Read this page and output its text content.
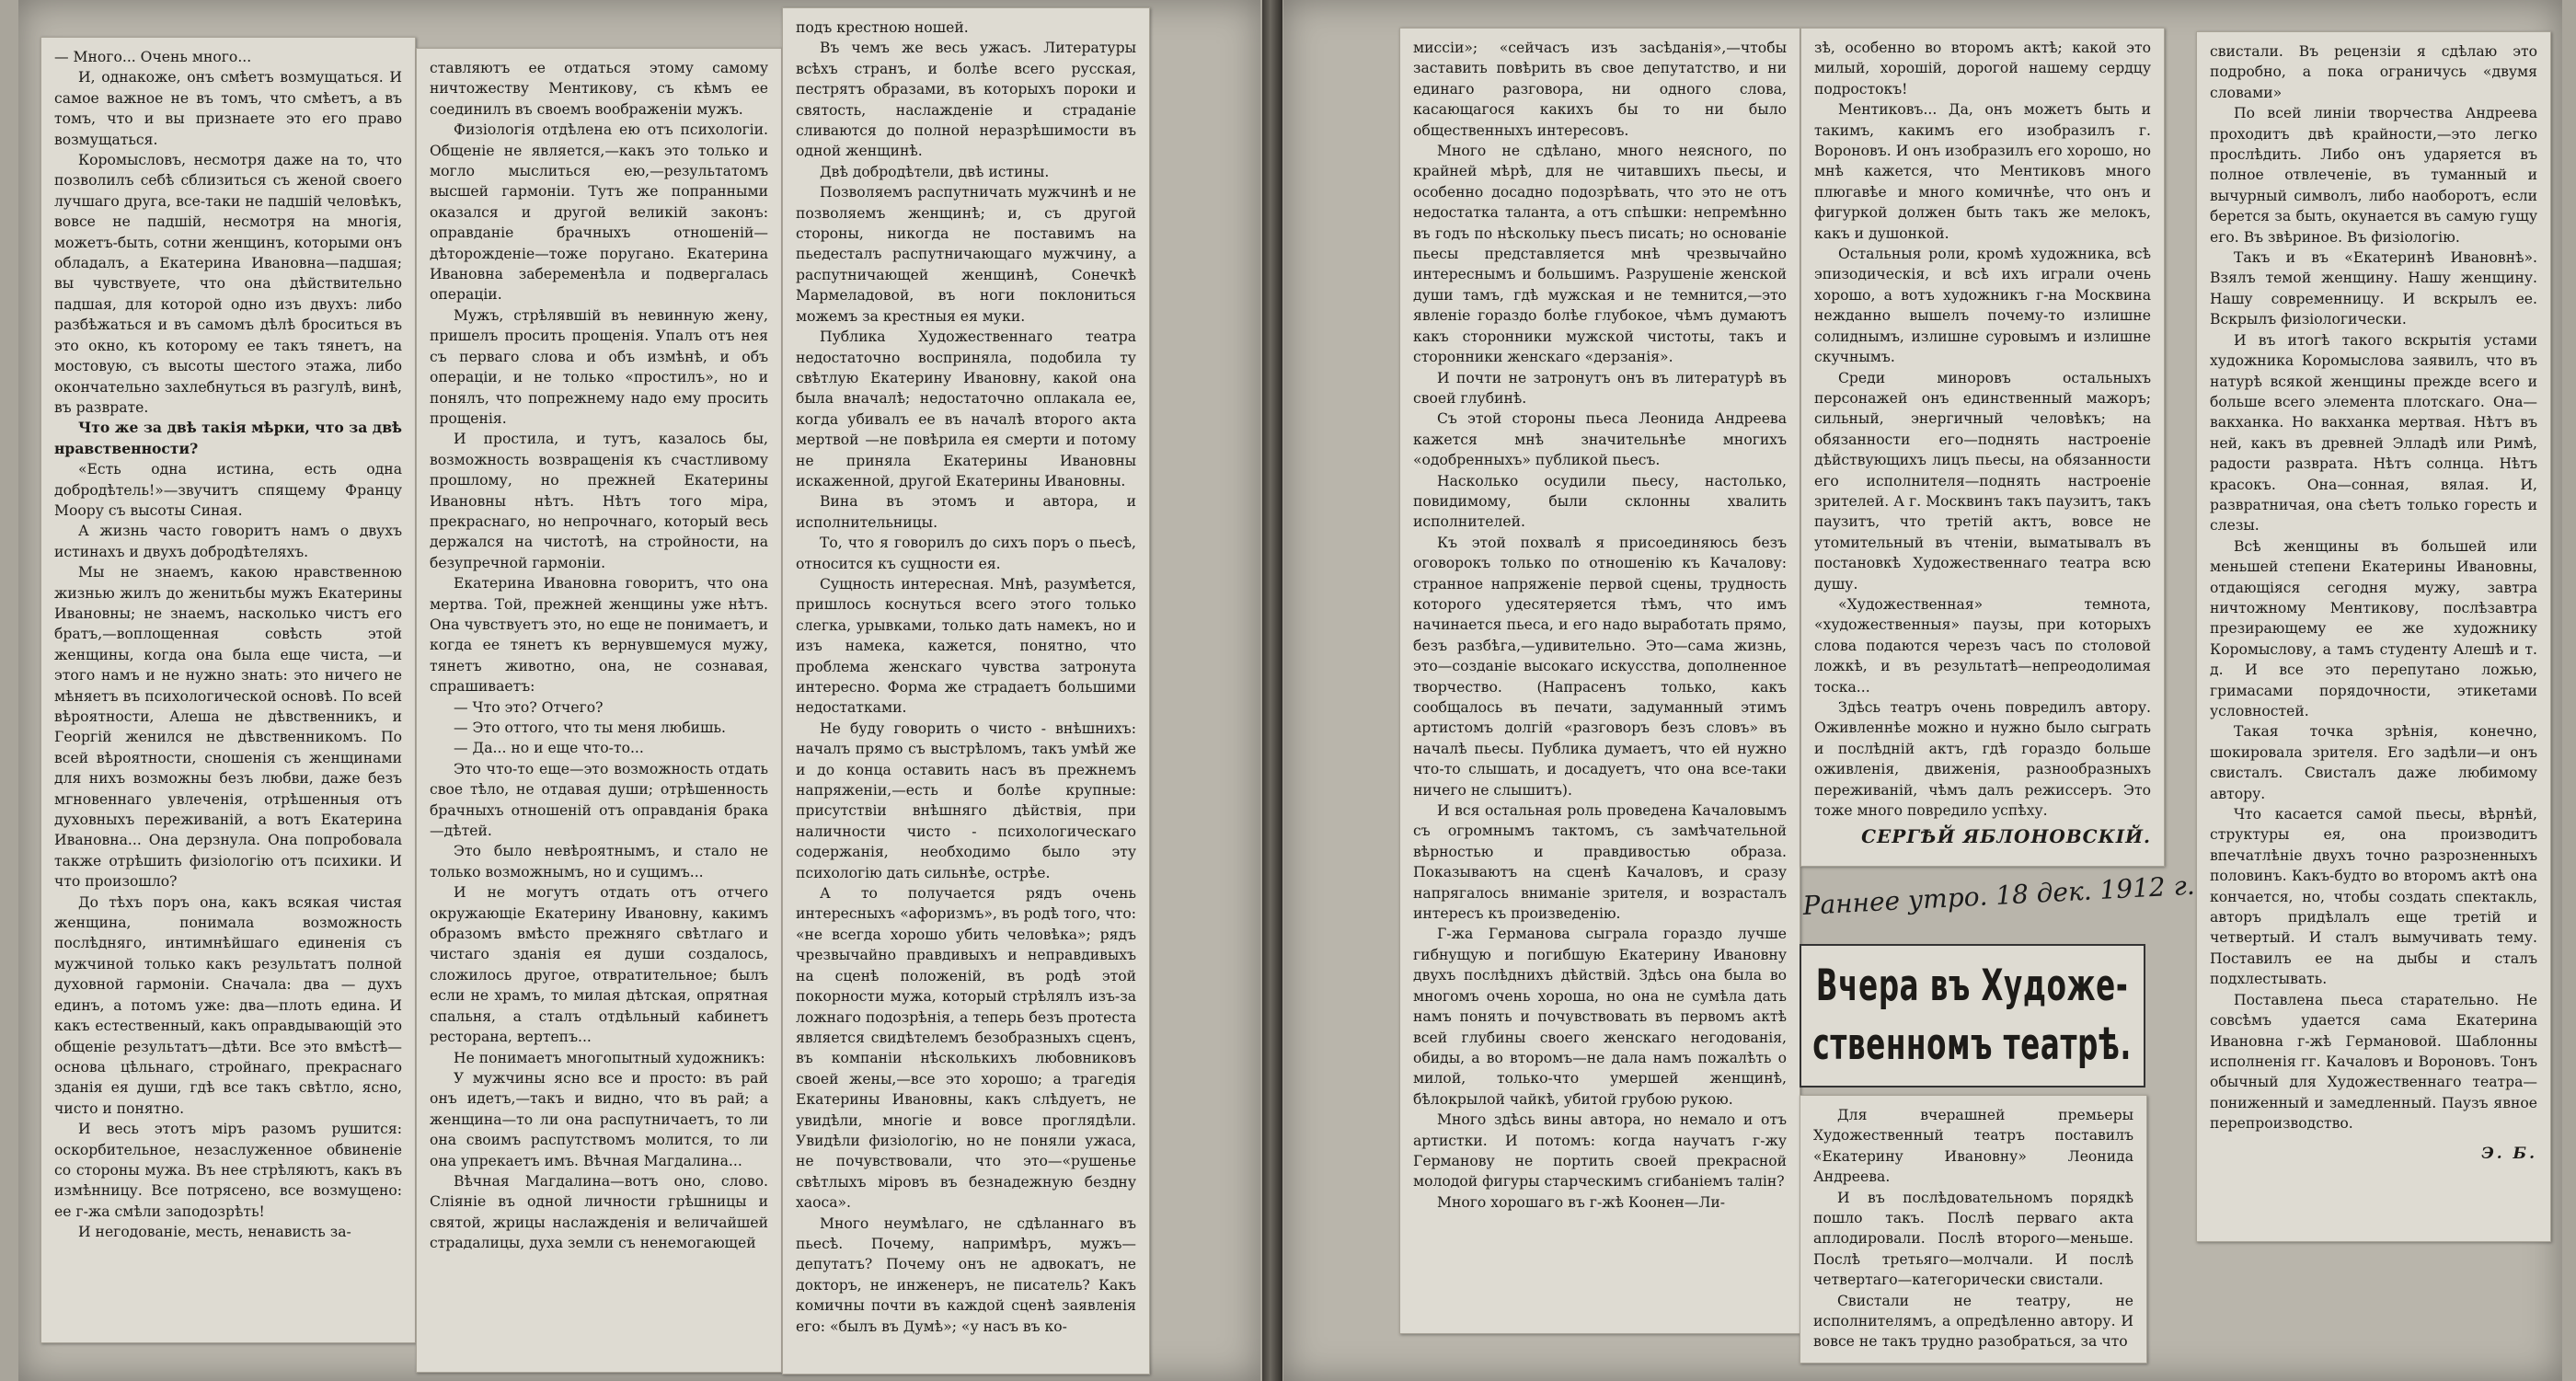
— Много... Очень много...

И, однакоже, онъ смѣетъ возмущаться. И самое важное не въ томъ, что смѣетъ, а въ томъ, что и вы признаете это его право возмущаться.

Коромысловъ, несмотря даже на то, что позволилъ себѣ сблизиться съ женой своего лучшаго друга, все-таки не падшій человѣкъ, вовсе не падшій, несмотря на многія, можетъ-быть, сотни женщинъ, которыми онъ обладалъ, а Екатерина Ивановна—падшая; вы чувствуете, что она дѣйствительно падшая, для которой одно изъ двухъ: либо разбѣжаться и въ самомъ дѣлѣ броситься въ это окно, къ которому ее такъ тянетъ, на мостовую, съ высоты шестого этажа, либо окончательно захлебнуться въ разгулѣ, винѣ, въ разврате.

Что же за двѣ такія мѣрки, что за двѣ нравственности?

«Есть одна истина, есть одна добродѣтель!»—звучитъ спящему Францу Моору съ высоты Синая.

А жизнь часто говоритъ намъ о двухъ истинахъ и двухъ добродѣтеляхъ.

Мы не знаемъ, какою нравственною жизнью жилъ до женитьбы мужъ Екатерины Ивановны; не знаемъ, насколько чистъ его братъ,—воплощенная совѣсть этой женщины, когда она была еще чиста, —и этого намъ и не нужно знать: это ничего не мѣняетъ въ психологической основѣ. По всей вѣроятности, Алеша не дѣвственникъ, и Георгій женился не дѣвственникомъ. По всей вѣроятности, сношенія съ женщинами для нихъ возможны безъ любви, даже безъ мгновеннаго увлеченія, отрѣшенныя отъ духовныхъ переживаній, а вотъ Екатерина Ивановна... Она дерзнула. Она попробовала также отрѣшить физіологію отъ психики. И что произошло?

До тѣхъ поръ она, какъ всякая чистая женщина, понимала возможность послѣдняго, интимнѣйшаго единенія съ мужчиной только какъ результатъ полной духовной гармоніи. Сначала: два — духъ единъ, а потомъ уже: два—плоть едина. И какъ естественный, какъ оправдывающій это общеніе результатъ—дѣти. Все это вмѣстѣ—основа цѣльнаго, стройнаго, прекраснаго зданія ея души, гдѣ все такъ свѣтло, ясно, чисто и понятно.

И весь этотъ міръ разомъ рушится: оскорбительное, незаслуженное обвиненіе со стороны мужа. Въ нее стрѣляютъ, какъ въ измѣнницу. Все потрясено, все возмущено: ее г-жа смѣли заподозрѣть!

И негодованіе, месть, ненависть за-

ставляютъ ее отдаться этому самому ничтожеству Ментикову, съ кѣмъ ее соединилъ въ своемъ воображеніи мужъ.

Физіологія отдѣлена ею отъ психологіи. Общеніе не является,—какъ это только и могло мыслиться ею,—результатомъ высшей гармоніи. Тутъ же попранными оказался и другой великій законъ: оправданіе брачныхъ отношеній—дѣторожденіе—тоже поругано. Екатерина Ивановна забеременѣла и подвергалась операціи.

Мужъ, стрѣлявшій въ невинную жену, пришелъ просить прощенія. Упалъ отъ нея съ перваго слова и объ измѣнѣ, и объ операціи, и не только «простилъ», но и понялъ, что попрежнему надо ему просить прощенія.

И простила, и тутъ, казалось бы, возможность возвращенія къ счастливому прошлому, но прежней Екатерины Ивановны нѣтъ. Нѣтъ того міра, прекраснаго, но непрочнаго, который весь держался на чистотѣ, на стройности, на безупречной гармоніи.

Екатерина Ивановна говоритъ, что она мертва. Той, прежней женщины уже нѣтъ. Она чувствуетъ это, но еще не понимаетъ, и когда ее тянетъ къ вернувшемуся мужу, тянетъ животно, она, не сознавая, спрашиваетъ:

— Что это? Отчего?

— Это оттого, что ты меня любишь.

— Да... но и еще что-то...

Это что-то еще—это возможность отдать свое тѣло, не отдавая души; отрѣшенность брачныхъ отношеній отъ оправданія брака—дѣтей.

Это было невѣроятнымъ, и стало не только возможнымъ, но и сущимъ...

И не могутъ отдать отъ отчего окружающіе Екатерину Ивановну, какимъ образомъ вмѣсто прежняго свѣтлаго и чистаго зданія ея души создалось, сложилось другое, отвратительное; былъ если не храмъ, то милая дѣтская, опрятная спальня, а сталъ отдѣльный кабинетъ ресторана, вертепъ...

Не понимаетъ многопытный художникъ:

У мужчины ясно все и просто: въ рай онъ идетъ,—такъ и видно, что въ рай; а женщина—то ли она распутничаетъ, то ли она своимъ распутствомъ молится, то ли она упрекаетъ имъ. Вѣчная Магдалина...

Вѣчная Магдалина—вотъ оно, слово. Сліяніе въ одной личности грѣшницы и святой, жрицы наслажденія и величайшей страдалицы, духа земли съ ненемогающей

подъ крестною ношей.

Въ чемъ же весь ужасъ. Литературы всѣхъ странъ, и болѣе всего русская, пестрятъ образами, въ которыхъ пороки и святость, наслажденіе и страданіе сливаются до полной неразрѣшимости въ одной женщинѣ.

Двѣ добродѣтели, двѣ истины.

Позволяемъ распутничать мужчинѣ и не позволяемъ женщинѣ; и, съ другой стороны, никогда не поставимъ на пьедесталъ распутничающаго мужчину, а распутничающей женщинѣ, Сонечкѣ Мармеладовой, въ ноги поклониться можемъ за крестныя ея муки.

Публика Художественнаго театра недостаточно восприняла, подобила ту свѣтлую Екатерину Ивановну, какой она была вначалѣ; недостаточно оплакала ее, когда убивалъ ее въ началѣ второго акта мертвой —не повѣрила ея смерти и потому не приняла Екатерины Ивановны искаженной, другой Екатерины Ивановны.

Вина въ этомъ и автора, и исполнительницы.

То, что я говорилъ до сихъ поръ о пьесѣ, относится къ сущности ея.

Сущность интересная. Мнѣ, разумѣется, пришлось коснуться всего этого только слегка, урывками, только дать намекъ, но и изъ намека, кажется, понятно, что проблема женскаго чувства затронута интересно. Форма же страдаетъ большими недостатками.

Не буду говорить о чисто - внѣшнихъ: началъ прямо съ выстрѣломъ, такъ умѣй же и до конца оставить насъ въ прежнемъ напряженіи,—есть и болѣе крупные: присутствіи внѣшняго дѣйствія, при наличности чисто - психологическаго содержанія, необходимо было эту психологію дать сильнѣе, острѣе.

А то получается рядъ очень интересныхъ «афоризмъ», въ родѣ того, что: «не всегда хорошо убить человѣка»; рядъ чрезвычайно правдивыхъ и неправдивыхъ на сценѣ положеній, въ родѣ этой покорности мужа, который стрѣлялъ изъ-за ложнаго подозрѣнія, а теперь безъ протеста является свидѣтелемъ безобразныхъ сценъ, въ компаніи нѣсколькихъ любовниковъ своей жены,—все это хорошо; а трагедія Екатерины Ивановны, какъ слѣдуетъ, не увидѣли, многіе и вовсе проглядѣли. Увидѣли физіологію, но не поняли ужаса, не почувствовали, что это—«рушенье свѣтлыхъ міровъ въ безнадежную бездну хаоса».

Много неумѣлаго, не сдѣланнаго въ пьесѣ. Почему, напримѣръ, мужъ—депутатъ? Почему онъ не адвокатъ, не докторъ, не инженеръ, не писатель? Какъ комичны почти въ каждой сценѣ заявленія его: «былъ въ Думѣ»; «у насъ въ ко-

миссіи»; «сейчасъ изъ засѣданія»,—чтобы заставить повѣрить въ свое депутатство, и ни единаго разговора, ни одного слова, касающагося какихъ бы то ни было общественныхъ интересовъ.

Много не сдѣлано, много неясного, по крайней мѣрѣ, для не читавшихъ пьесы, и особенно досадно подозрѣвать, что это не отъ недостатка таланта, а отъ спѣшки: непремѣнно въ годъ по нѣскольку пьесъ писать; но основаніе пьесы представляется мнѣ чрезвычайно интереснымъ и большимъ. Разрушеніе женской души тамъ, гдѣ мужская и не темнится,—это явленіе гораздо болѣе глубокое, чѣмъ думаютъ какъ сторонники мужской чистоты, такъ и сторонники женскаго «дерзанія».

И почти не затронутъ онъ въ литературѣ въ своей глубинѣ.

Съ этой стороны пьеса Леонида Андреева кажется мнѣ значительнѣе многихъ «одобренныхъ» публикой пьесъ.

Насколько осудили пьесу, настолько, повидимому, были склонны хвалить исполнителей.

Къ этой похвалѣ я присоединяюсь безъ оговорокъ только по отношенію къ Качалову: странное напряженіе первой сцены, трудность которого удесятеряется тѣмъ, что имъ начинается пьеса, и его надо выработать прямо, безъ разбѣга,—удивительно. Это—сама жизнь, это—созданіе высокаго искусства, дополненное творчество. (Напрасенъ только, какъ сообщалось въ печати, задуманный этимъ артистомъ долгій «разговоръ безъ словъ» въ началѣ пьесы. Публика думаетъ, что ей нужно что-то слышать, и досадуетъ, что она все-таки ничего не слышитъ).

И вся остальная роль проведена Качаловымъ съ огромнымъ тактомъ, съ замѣчательной вѣрностью и правдивостью образа. Показываютъ на сценѣ Качаловъ, и сразу напрягалось вниманіе зрителя, и возрасталъ интересъ къ произведенію.

Г-жа Германова сыграла гораздо лучше гибнущую и погибшую Екатерину Ивановну двухъ послѣднихъ дѣйствій. Здѣсь она была во многомъ очень хороша, но она не сумѣла дать намъ понять и почувствовать въ первомъ актѣ всей глубины своего женскаго негодованія, обиды, а во второмъ—не дала намъ пожалѣть о милой, только-что умершей женщинѣ, бѣлокрылой чайкѣ, убитой грубою рукою.

Много здѣсь вины автора, но немало и отъ артистки. И потомъ: когда научатъ г-жу Германову не портить своей прекрасной молодой фигуры старческимъ сгибаніемъ талін?

Много хорошаго въ г-жѣ Коонен—Ли-

зѣ, особенно во второмъ актѣ; какой это милый, хорошій, дорогой нашему сердцу подростокъ!

Ментиковъ... Да, онъ можетъ быть и такимъ, какимъ его изобразилъ г. Вороновъ. И онъ изобразилъ его хорошо, но мнѣ кажется, что Ментиковъ много плюгавѣе и много комичнѣе, что онъ и фигуркой должен быть такъ же мелокъ, какъ и душонкой.

Остальныя роли, кромѣ художника, всѣ эпизодическія, и всѣ ихъ играли очень хорошо, а вотъ художникъ г-на Москвина нежданно вышелъ почему-то излишне солиднымъ, излишне суровымъ и излишне скучнымъ.

Среди миноровъ остальныхъ персонажей онъ единственный мажоръ; сильный, энергичный человѣкъ; на обязанности его—поднять настроеніе дѣйствующихъ лицъ пьесы, на обязанности его исполнителя—поднять настроеніе зрителей. А г. Москвинъ такъ паузитъ, такъ паузитъ, что третій актъ, вовсе не утомительный въ чтеніи, выматывалъ въ постановкѣ Художественнаго театра всю душу.

«Художественная» темнота, «художественныя» паузы, при которыхъ слова подаются черезъ часъ по столовой ложкѣ, и въ результатѣ—непреодолимая тоска...

Здѣсь театръ очень повредилъ автору. Оживленнѣе можно и нужно было сыграть и послѣдній актъ, гдѣ гораздо больше оживленія, движенія, разнообразныхъ переживаній, чѣмъ далъ режиссеръ. Это тоже много повредило успѣху.

СЕРГѢЙ ЯБЛОНОВСКІЙ.

Для вчерашней премьеры Художественный театръ поставилъ «Екатерину Ивановну» Леонида Андреева.

И въ послѣдовательномъ порядкѣ пошло такъ. Послѣ перваго акта аплодировали. Послѣ второго—меньше. Послѣ третьяго—молчали. И послѣ четвертаго—категорически свистали.

Свистали не театру, не исполнителямъ, а опредѣленно автору. И вовсе не такъ трудно разобраться, за что

свистали. Въ рецензіи я сдѣлаю это подробно, а пока ограничусь «двумя словами»

По всей линіи творчества Андреева проходитъ двѣ крайности,—это легко прослѣдить. Либо онъ ударяется въ полное отвлеченіе, въ туманный и вычурный символъ, либо наоборотъ, если берется за быть, окунается въ самую гущу его. Въ звѣриное. Въ физіологію.

Такъ и въ «Екатеринѣ Ивановнѣ». Взялъ темой женщину. Нашу женщину. Нашу современницу. И вскрылъ ее. Вскрылъ физіологически.

И въ итогѣ такого вскрытія устами художника Коромыслова заявилъ, что въ натурѣ всякой женщины прежде всего и больше всего элемента плотскаго. Она—вакханка. Но вакханка мертвая. Нѣтъ въ ней, какъ въ древней Элладѣ или Римѣ, радости разврата. Нѣтъ солнца. Нѣтъ красокъ. Она—сонная, вялая. И, развратничая, она сѣетъ только горесть и слезы.

Всѣ женщины въ большей или меньшей степени Екатерины Ивановны, отдающіяся сегодня мужу, завтра ничтожному Ментикову, послѣзавтра презирающему ее же художнику Коромыслову, а тамъ студенту Алешѣ и т. д. И все это перепутано ложью, гримасами порядочности, этикетами условностей.

Такая точка зрѣнія, конечно, шокировала зрителя. Его задѣли—и онъ свисталъ. Свисталъ даже любимому автору.

Что касается самой пьесы, вѣрнѣй, структуры ея, она производитъ впечатлѣніе двухъ точно разрозненныхъ половинъ. Какъ-будто во второмъ актѣ она кончается, но, чтобы создать спектакль, авторъ придѣлалъ еще третій и четвертый. И сталъ вымучивать тему. Поставилъ ее на дыбы и сталъ подхлестывать.

Поставлена пьеса старательно. Не совсѣмъ удается сама Екатерина Ивановна г-жѣ Германовой. Шаблонны исполненія гг. Качаловъ и Вороновъ. Тонъ обычный для Художественнаго театра—пониженный и замедленный. Паузъ явное перепроизводство.

Э. Б.
Раннее утро. 18 дек. 1912 г.
Вчера въ Художе-
ственномъ театрѣ.
